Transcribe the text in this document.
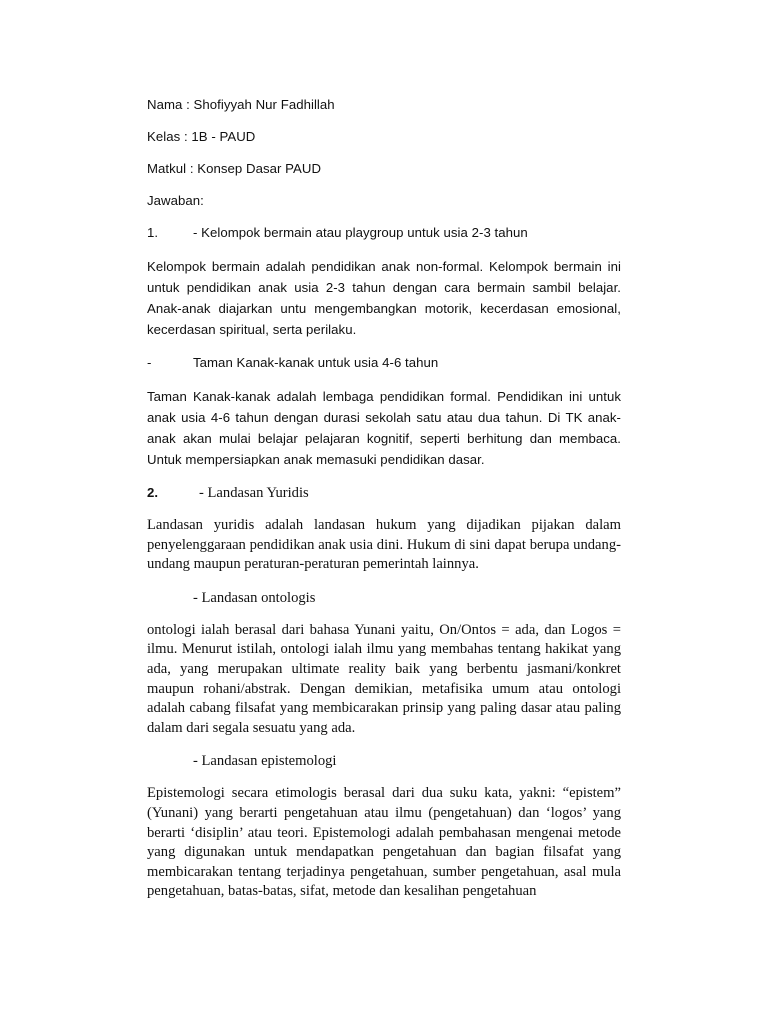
Nama : Shofiyyah Nur Fadhillah

Kelas : 1B - PAUD

Matkul : Konsep Dasar PAUD

Jawaban:

1.	- Kelompok bermain atau playgroup untuk usia 2-3 tahun

Kelompok bermain adalah pendidikan anak non-formal. Kelompok bermain ini untuk pendidikan anak usia 2-3 tahun dengan cara bermain sambil belajar. Anak-anak diajarkan untu mengembangkan motorik, kecerdasan emosional, kecerdasan spiritual, serta perilaku.

-	Taman Kanak-kanak untuk usia 4-6 tahun

Taman Kanak-kanak adalah lembaga pendidikan formal. Pendidikan ini untuk anak usia 4-6 tahun dengan durasi sekolah satu atau dua tahun. Di TK anak-anak akan mulai belajar pelajaran kognitif, seperti berhitung dan membaca. Untuk mempersiapkan anak memasuki pendidikan dasar.

2.	- Landasan Yuridis

Landasan yuridis adalah landasan hukum yang dijadikan pijakan dalam penyelenggaraan pendidikan anak usia dini. Hukum di sini dapat berupa undang-undang maupun peraturan-peraturan pemerintah lainnya.

- Landasan ontologis

ontologi ialah berasal dari bahasa Yunani yaitu, On/Ontos = ada, dan Logos = ilmu. Menurut istilah, ontologi ialah ilmu yang membahas tentang hakikat yang ada, yang merupakan ultimate reality baik yang berbentu jasmani/konkret maupun rohani/abstrak. Dengan demikian, metafisika umum atau ontologi adalah cabang filsafat yang membicarakan prinsip yang paling dasar atau paling dalam dari segala sesuatu yang ada.

- Landasan epistemologi

Epistemologi secara etimologis berasal dari dua suku kata, yakni: “epistem” (Yunani) yang berarti pengetahuan atau ilmu (pengetahuan) dan ‘logos’ yang berarti ‘disiplin’ atau teori. Epistemologi adalah pembahasan mengenai metode yang digunakan untuk mendapatkan pengetahuan dan bagian filsafat yang membicarakan tentang terjadinya pengetahuan, sumber pengetahuan, asal mula pengetahuan, batas-batas, sifat, metode dan kesalihan pengetahuan
